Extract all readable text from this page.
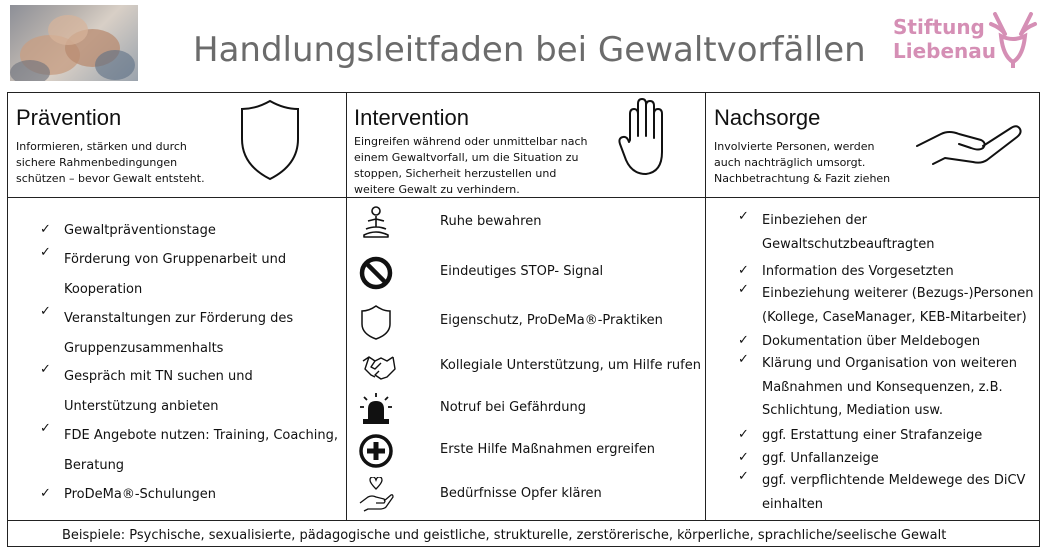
Handlungsleitfaden bei Gewaltvorfällen
Stiftung
Liebenau
Prävention
Informieren, stärken und durch
sichere Rahmenbedingungen
schützen – bevor Gewalt entsteht.
Intervention
Eingreifen während oder unmittelbar nach
einem Gewaltvorfall, um die Situation zu
stoppen, Sicherheit herzustellen und
weitere Gewalt zu verhindern.
Nachsorge
Involvierte Personen, werden
auch nachträglich umsorgt.
Nachbetrachtung & Fazit ziehen
✓ Gewaltpräventionstage
✓ Förderung von Gruppenarbeit und
Kooperation
✓ Veranstaltungen zur Förderung des
Gruppenzusammenhalts
✓ Gespräch mit TN suchen und
Unterstützung anbieten
✓ FDE Angebote nutzen: Training, Coaching,
Beratung
✓ ProDeMa®-Schulungen
Ruhe bewahren
Eindeutiges STOP- Signal
Eigenschutz, ProDeMa®-Praktiken
Kollegiale Unterstützung, um Hilfe rufen
Notruf bei Gefährdung
Erste Hilfe Maßnahmen ergreifen
Bedürfnisse Opfer klären
✓ Einbeziehen der
Gewaltschutzbeauftragten
✓ Information des Vorgesetzten
✓ Einbeziehung weiterer (Bezugs-)Personen
(Kollege, CaseManager, KEB-Mitarbeiter)
✓ Dokumentation über Meldebogen
✓ Klärung und Organisation von weiteren
Maßnahmen und Konsequenzen, z.B.
Schlichtung, Mediation usw.
✓ ggf. Erstattung einer Strafanzeige
✓ ggf. Unfallanzeige
✓ ggf. verpflichtende Meldewege des DiCV
einhalten
Beispiele: Psychische, sexualisierte, pädagogische und geistliche, strukturelle, zerstörerische, körperliche, sprachliche/seelische Gewalt
